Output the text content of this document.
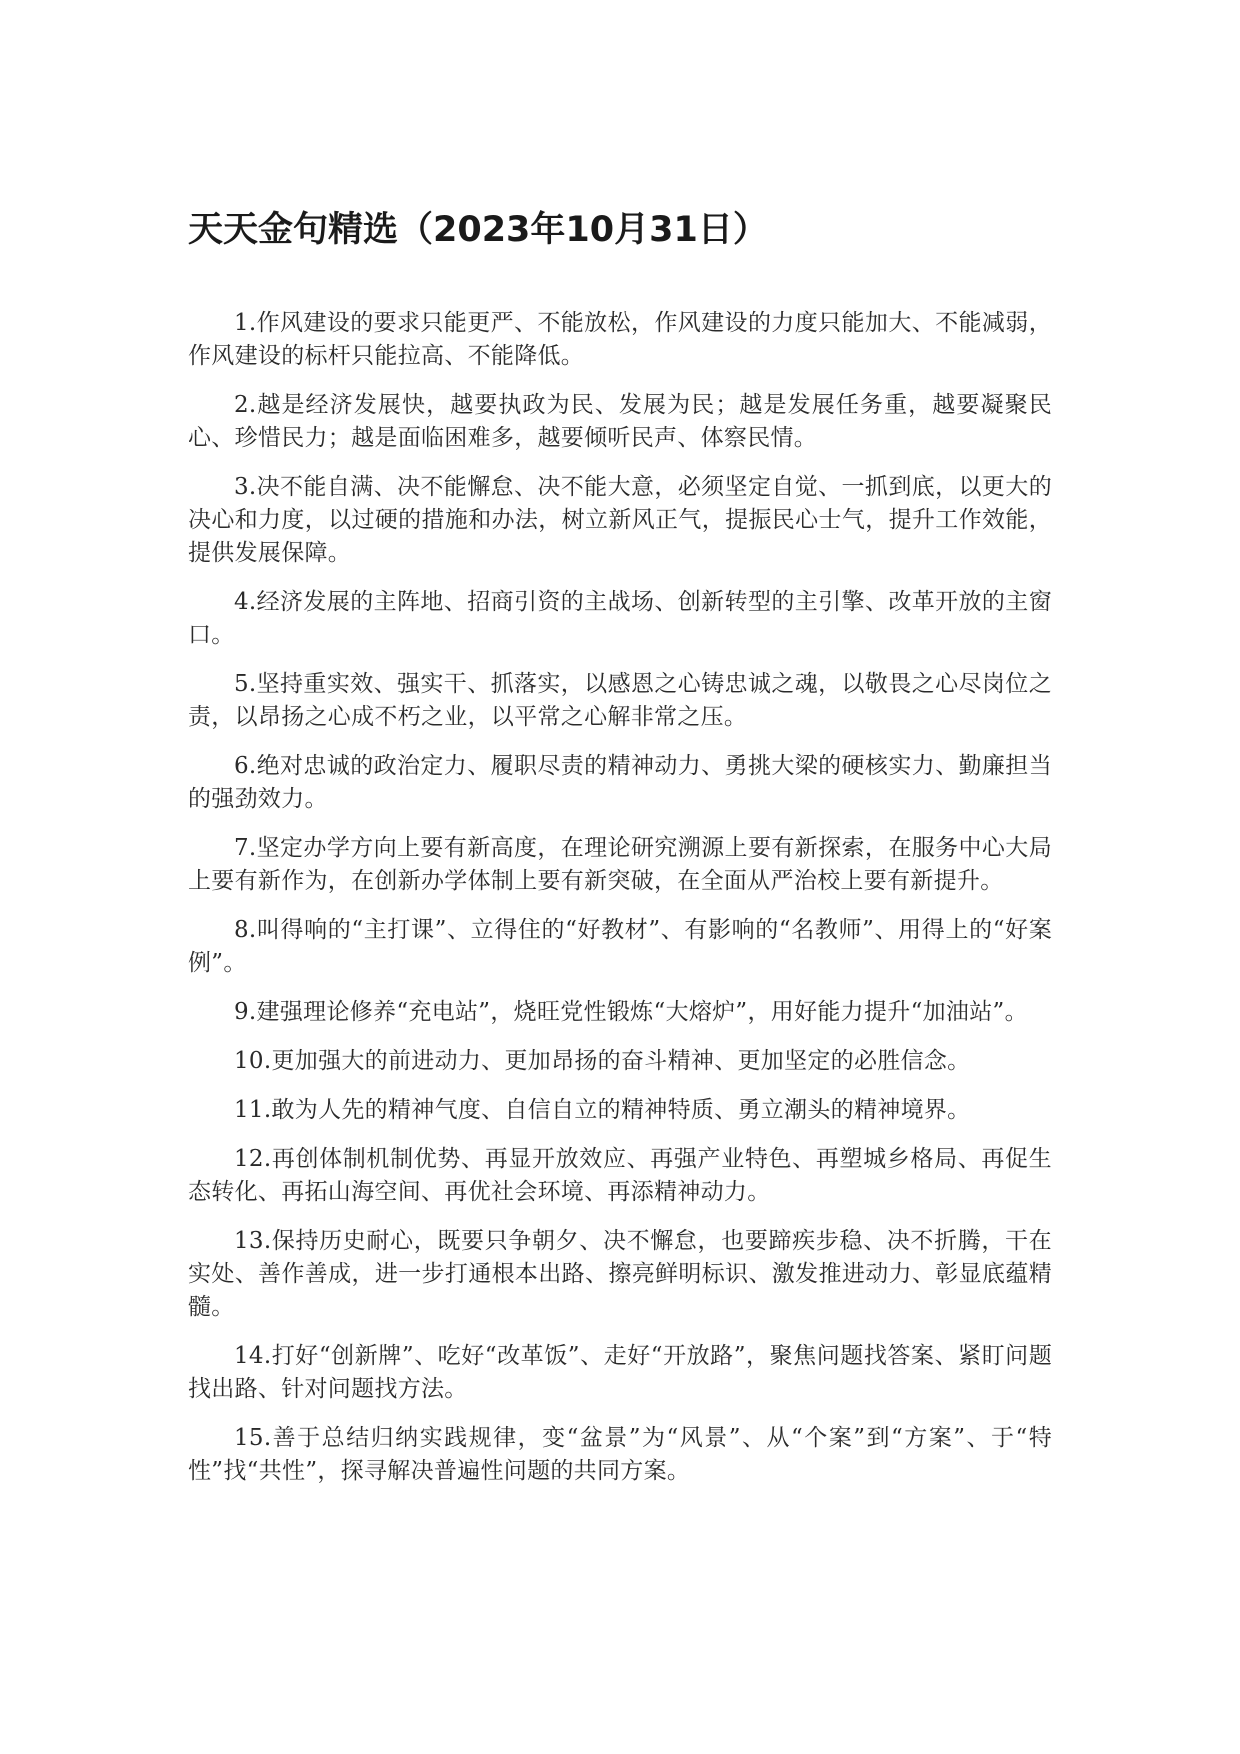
天天金句精选（2023年10月31日）

1.作风建设的要求只能更严、不能放松，作风建设的力度只能加大、不能减弱，作风建设的标杆只能拉高、不能降低。

2.越是经济发展快，越要执政为民、发展为民；越是发展任务重，越要凝聚民心、珍惜民力；越是面临困难多，越要倾听民声、体察民情。

3.决不能自满、决不能懈怠、决不能大意，必须坚定自觉、一抓到底，以更大的决心和力度，以过硬的措施和办法，树立新风正气，提振民心士气，提升工作效能，提供发展保障。

4.经济发展的主阵地、招商引资的主战场、创新转型的主引擎、改革开放的主窗口。

5.坚持重实效、强实干、抓落实，以感恩之心铸忠诚之魂，以敬畏之心尽岗位之责，以昂扬之心成不朽之业，以平常之心解非常之压。

6.绝对忠诚的政治定力、履职尽责的精神动力、勇挑大梁的硬核实力、勤廉担当的强劲效力。

7.坚定办学方向上要有新高度，在理论研究溯源上要有新探索，在服务中心大局上要有新作为，在创新办学体制上要有新突破，在全面从严治校上要有新提升。

8.叫得响的“主打课”、立得住的“好教材”、有影响的“名教师”、用得上的“好案例”。

9.建强理论修养“充电站”，烧旺党性锻炼“大熔炉”，用好能力提升“加油站”。

10.更加强大的前进动力、更加昂扬的奋斗精神、更加坚定的必胜信念。

11.敢为人先的精神气度、自信自立的精神特质、勇立潮头的精神境界。

12.再创体制机制优势、再显开放效应、再强产业特色、再塑城乡格局、再促生态转化、再拓山海空间、再优社会环境、再添精神动力。

13.保持历史耐心，既要只争朝夕、决不懈怠，也要蹄疾步稳、决不折腾，干在实处、善作善成，进一步打通根本出路、擦亮鲜明标识、激发推进动力、彰显底蕴精髓。

14.打好“创新牌”、吃好“改革饭”、走好“开放路”，聚焦问题找答案、紧盯问题找出路、针对问题找方法。

15.善于总结归纳实践规律，变“盆景”为“风景”、从“个案”到“方案”、于“特性”找“共性”，探寻解决普遍性问题的共同方案。
